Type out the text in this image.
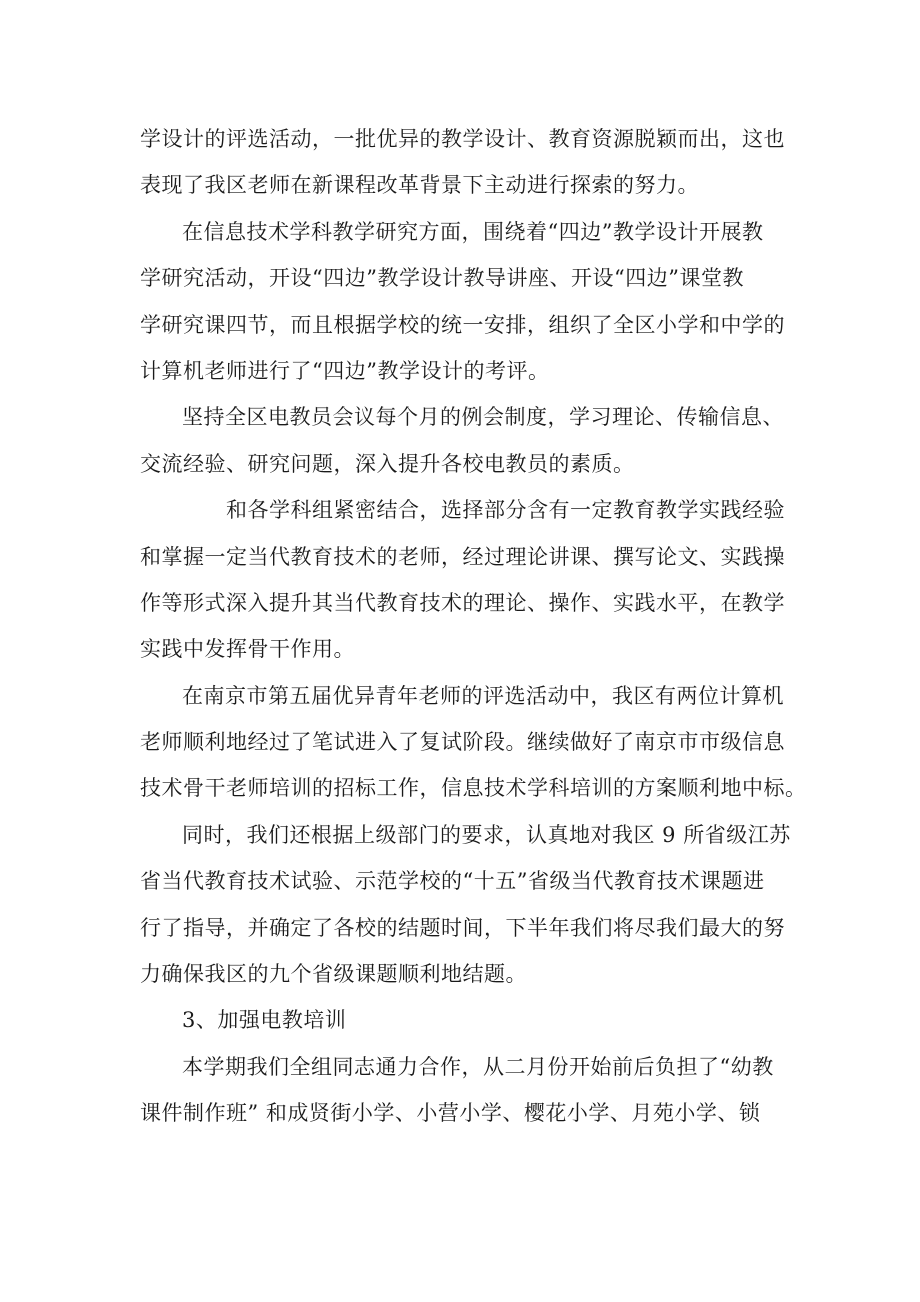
学设计的评选活动，一批优异的教学设计、教育资源脱颖而出，这也
表现了我区老师在新课程改革背景下主动进行探索的努力。
在信息技术学科教学研究方面，围绕着“四边”教学设计开展教
学研究活动，开设“四边”教学设计教导讲座、开设“四边”课堂教
学研究课四节，而且根据学校的统一安排，组织了全区小学和中学的
计算机老师进行了“四边”教学设计的考评。
坚持全区电教员会议每个月的例会制度，学习理论、传输信息、
交流经验、研究问题，深入提升各校电教员的素质。
和各学科组紧密结合，选择部分含有一定教育教学实践经验
和掌握一定当代教育技术的老师，经过理论讲课、撰写论文、实践操
作等形式深入提升其当代教育技术的理论、操作、实践水平，在教学
实践中发挥骨干作用。
在南京市第五届优异青年老师的评选活动中，我区有两位计算机
老师顺利地经过了笔试进入了复试阶段。继续做好了南京市市级信息
技术骨干老师培训的招标工作，信息技术学科培训的方案顺利地中标。
同时，我们还根据上级部门的要求，认真地对我区 9 所省级江苏
省当代教育技术试验、示范学校的“十五”省级当代教育技术课题进
行了指导，并确定了各校的结题时间，下半年我们将尽我们最大的努
力确保我区的九个省级课题顺利地结题。
3、加强电教培训
本学期我们全组同志通力合作，从二月份开始前后负担了“幼教
课件制作班” 和成贤街小学、小营小学、樱花小学、月苑小学、锁
